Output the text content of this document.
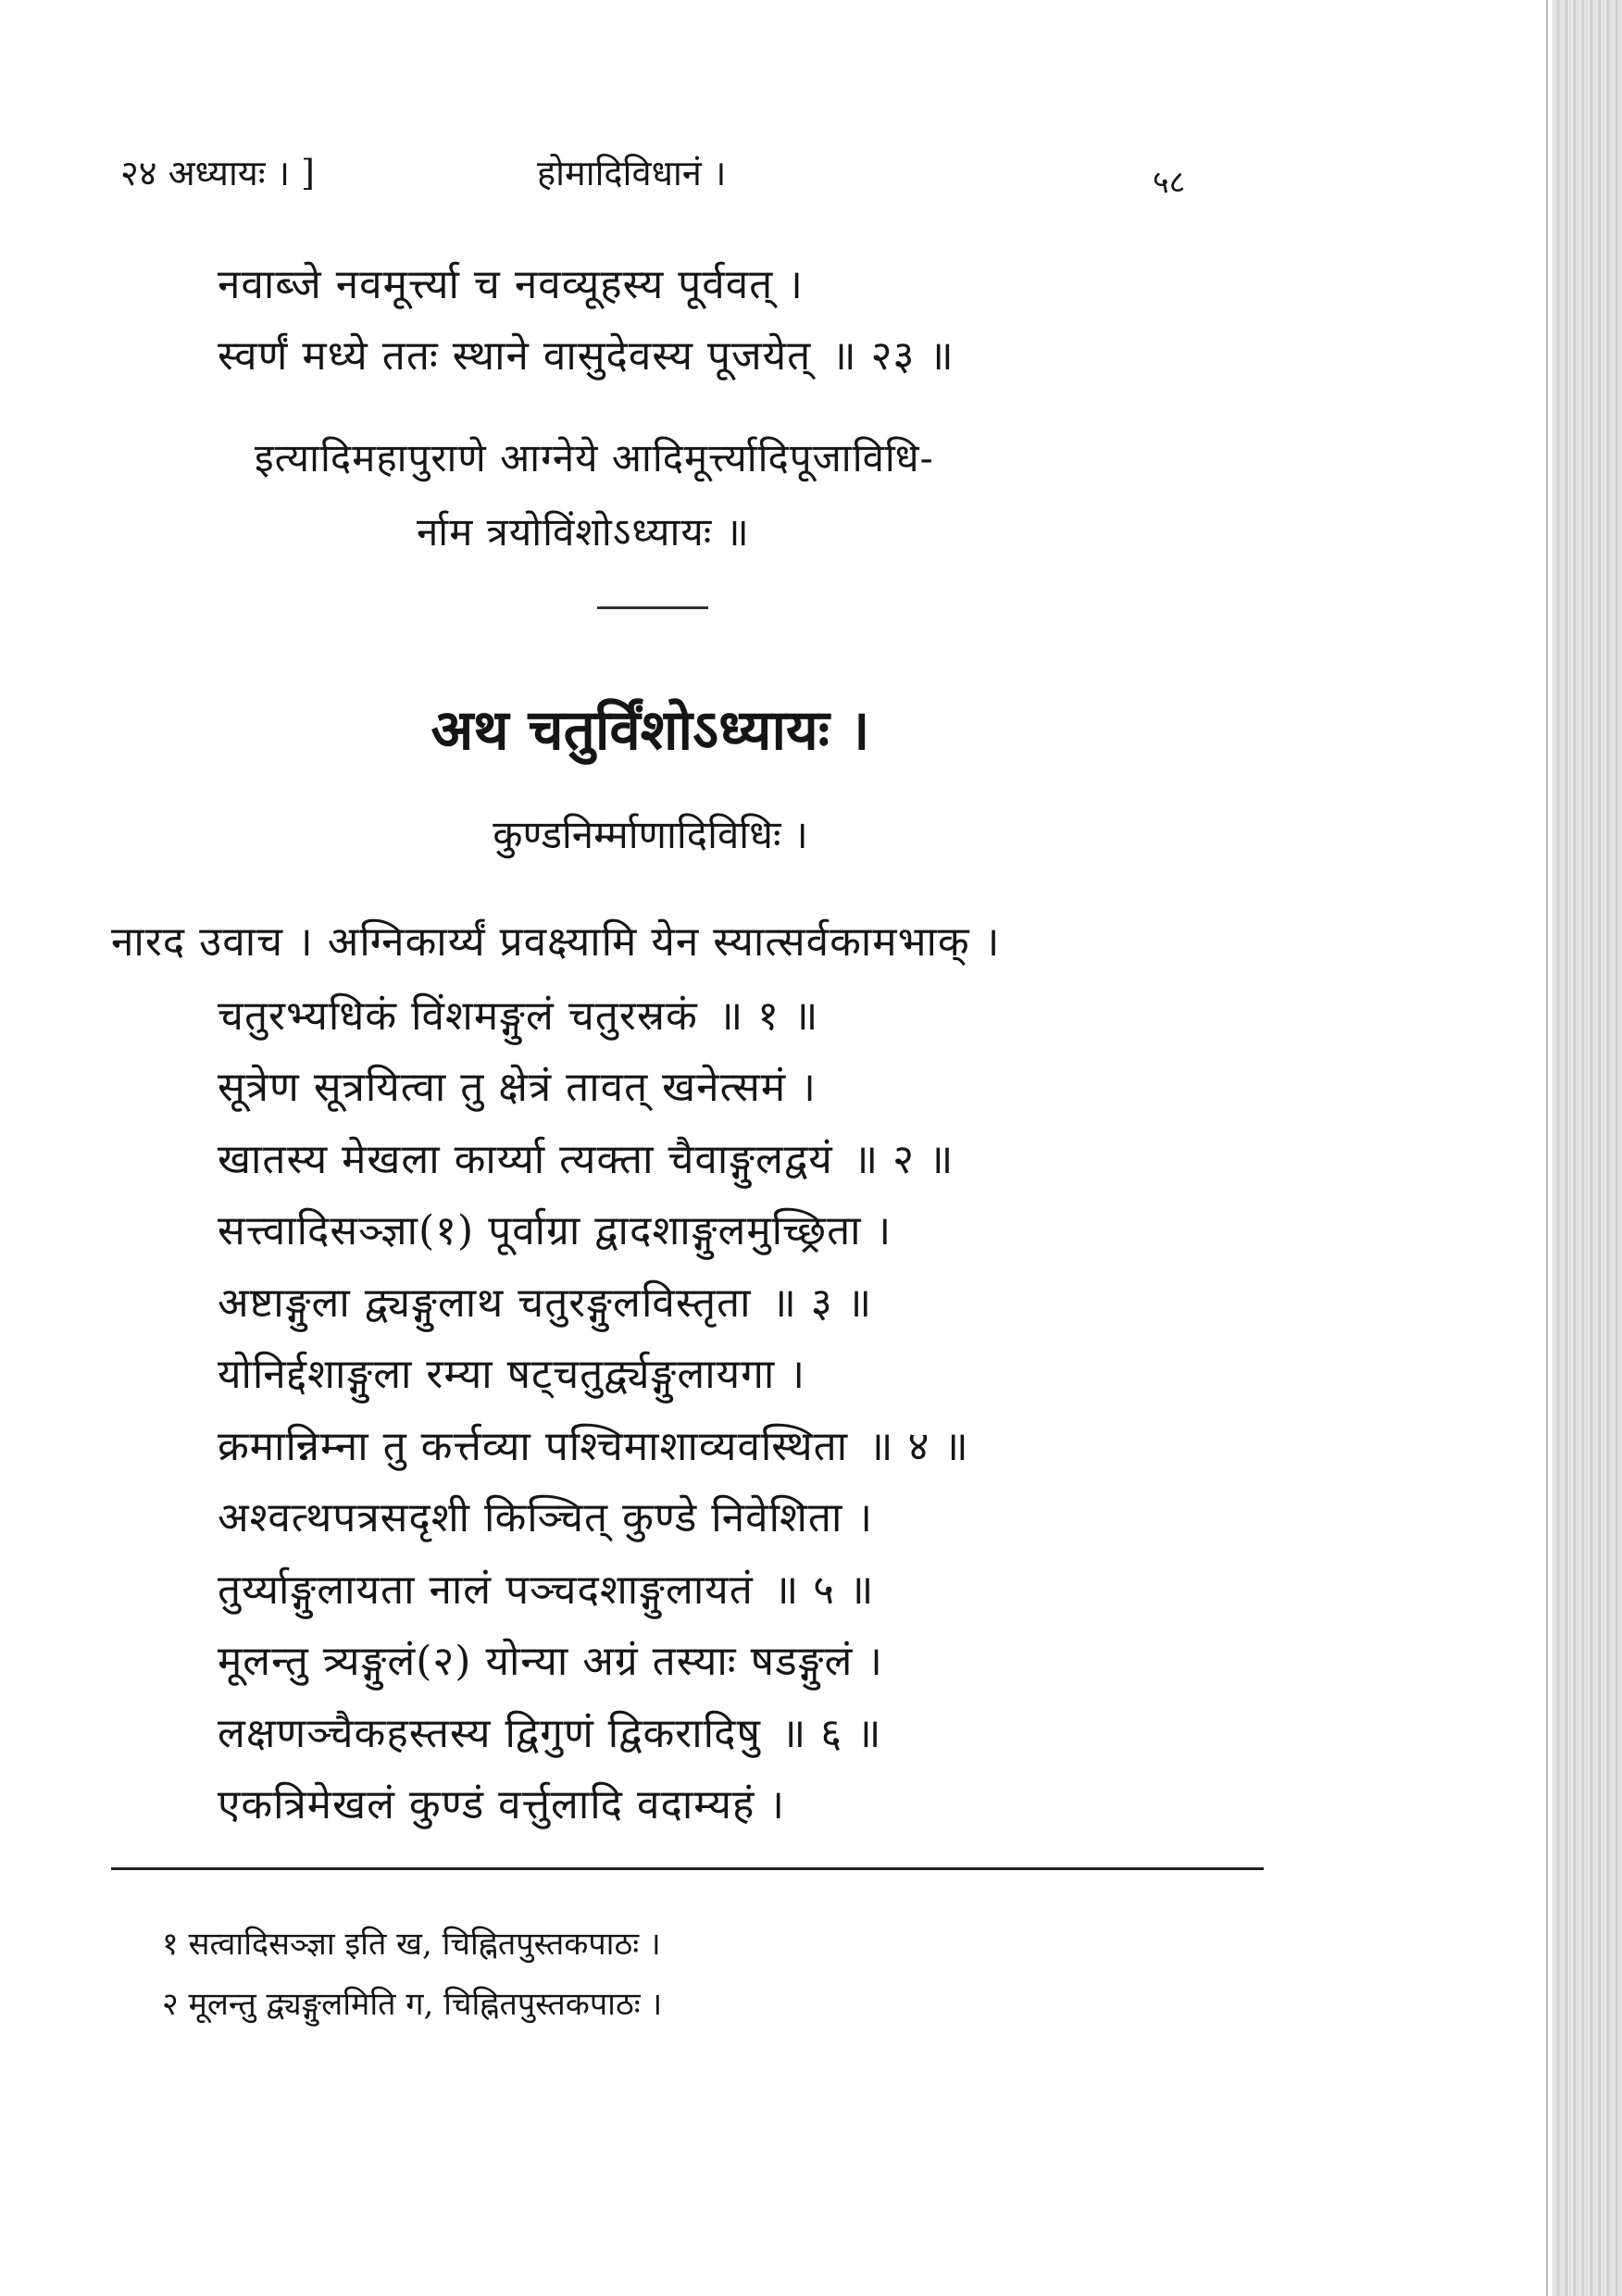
२४ अध्यायः । ]	होमादिविधानं ।	५८
नवाब्जे नवमूर्त्त्या च नवव्यूहस्य पूर्ववत् ।
स्वर्णं मध्ये ततः स्थाने वासुदेवस्य पूजयेत् ॥ २३ ॥
इत्यादिमहापुराणे आग्नेये आदिमूर्त्त्यादिपूजाविधि-
र्नाम त्रयोविंशोऽध्यायः ॥
अथ चतुर्विंशोऽध्यायः ।
कुण्डनिर्म्माणादिविधिः ।
नारद उवाच । अग्निकार्य्यं प्रवक्ष्यामि येन स्यात्सर्वकामभाक् ।
चतुरभ्यधिकं विंशमङ्गुलं चतुरस्रकं ॥ १ ॥
सूत्रेण सूत्रयित्वा तु क्षेत्रं तावत् खनेत्समं ।
खातस्य मेखला कार्य्या त्यक्ता चैवाङ्गुलद्वयं ॥ २ ॥
सत्त्वादिसञ्ज्ञा(१) पूर्वाग्रा द्वादशाङ्गुलमुच्छ्रिता ।
अष्टाङ्गुला द्व्यङ्गुलाथ चतुरङ्गुलविस्तृता ॥ ३ ॥
योनिर्द्दशाङ्गुला रम्या षट्चतुर्द्व्यङ्गुलायगा ।
क्रमान्निम्ना तु कर्त्तव्या पश्चिमाशाव्यवस्थिता ॥ ४ ॥
अश्वत्थपत्रसदृशी किञ्चित् कुण्डे निवेशिता ।
तुर्य्याङ्गुलायता नालं पञ्चदशाङ्गुलायतं ॥ ५ ॥
मूलन्तु त्र्यङ्गुलं(२) योन्या अग्रं तस्याः षडङ्गुलं ।
लक्षणञ्चैकहस्तस्य द्विगुणं द्विकरादिषु ॥ ६ ॥
एकत्रिमेखलं कुण्डं वर्त्तुलादि वदाम्यहं ।
१ सत्वादिसञ्ज्ञा इति ख, चिह्नितपुस्तकपाठः ।
२ मूलन्तु द्व्यङ्गुलमिति ग, चिह्नितपुस्तकपाठः ।
